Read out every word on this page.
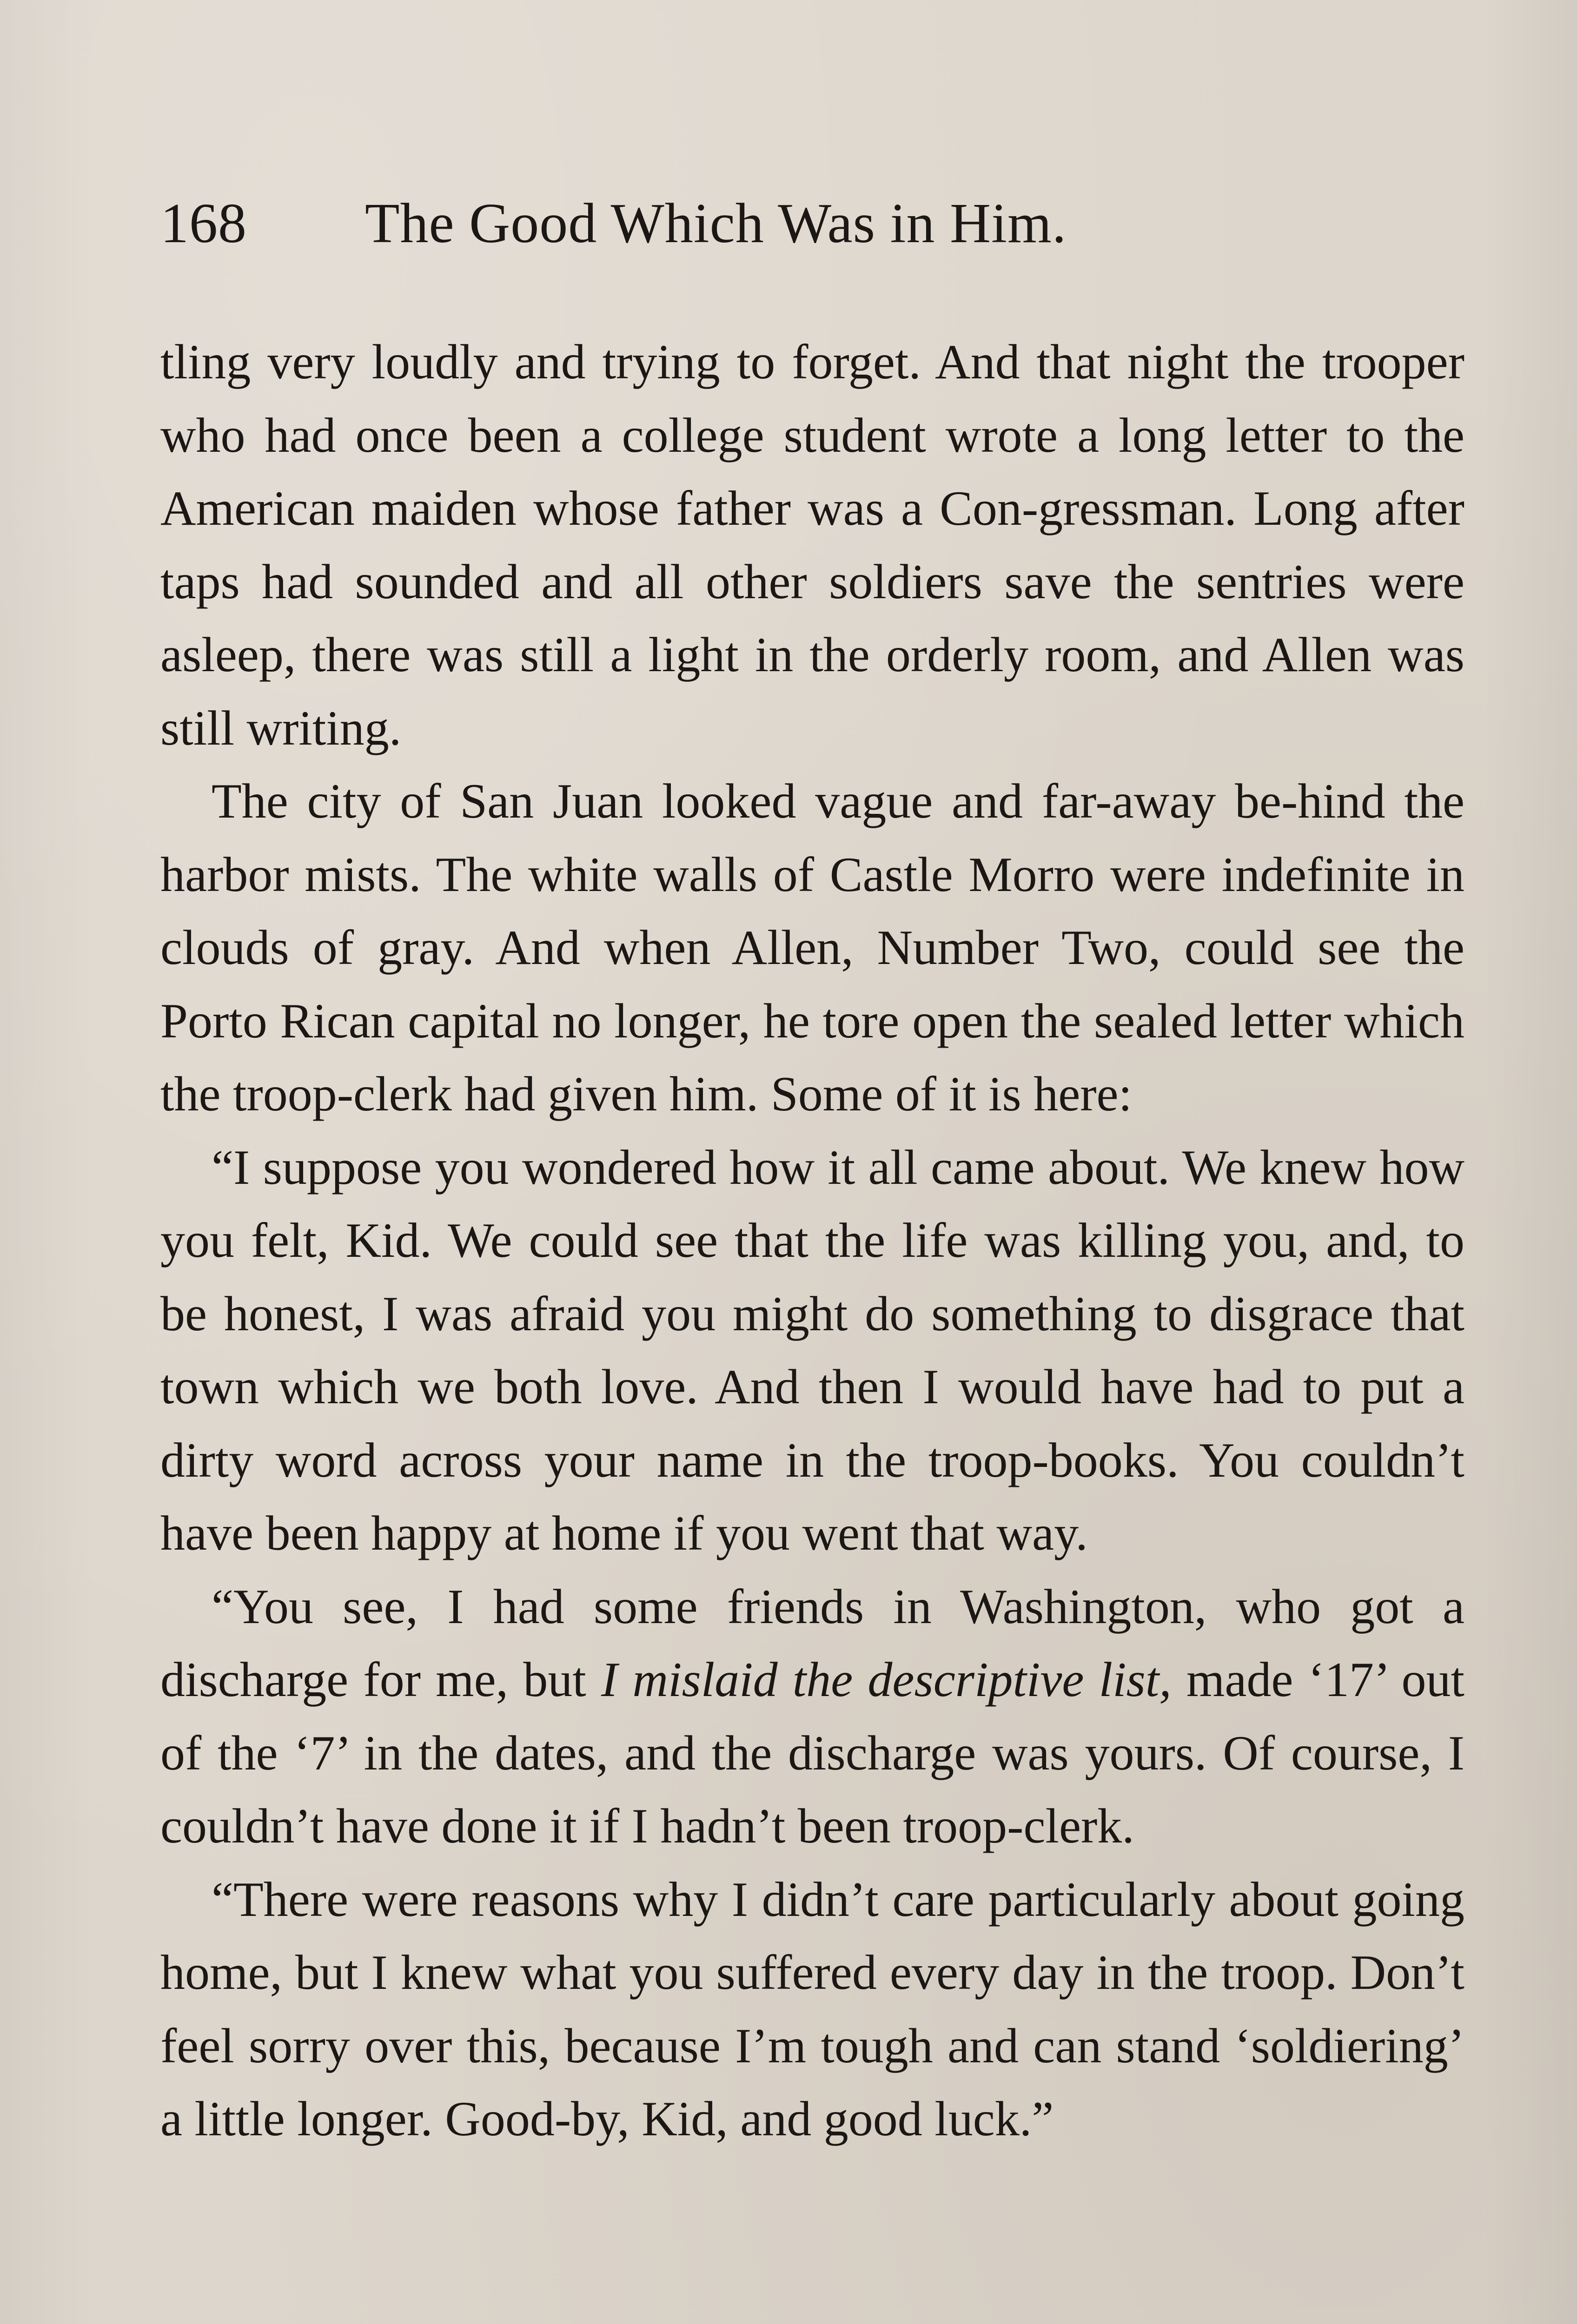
168	The Good Which Was in Him.

tling very loudly and trying to forget. And that night the trooper who had once been a college student wrote a long letter to the American maiden whose father was a Con-gressman. Long after taps had sounded and all other soldiers save the sentries were asleep, there was still a light in the orderly room, and Allen was still writing.

The city of San Juan looked vague and far-away be-hind the harbor mists. The white walls of Castle Morro were indefinite in clouds of gray. And when Allen, Number Two, could see the Porto Rican capital no longer, he tore open the sealed letter which the troop-clerk had given him. Some of it is here:

“I suppose you wondered how it all came about. We knew how you felt, Kid. We could see that the life was killing you, and, to be honest, I was afraid you might do something to disgrace that town which we both love. And then I would have had to put a dirty word across your name in the troop-books. You couldn’t have been happy at home if you went that way.

“You see, I had some friends in Washington, who got a discharge for me, but I mislaid the descriptive list, made ‘17’ out of the ‘7’ in the dates, and the discharge was yours. Of course, I couldn’t have done it if I hadn’t been troop-clerk.

“There were reasons why I didn’t care particularly about going home, but I knew what you suffered every day in the troop. Don’t feel sorry over this, because I’m tough and can stand ‘soldiering’ a little longer. Good-by, Kid, and good luck.”
